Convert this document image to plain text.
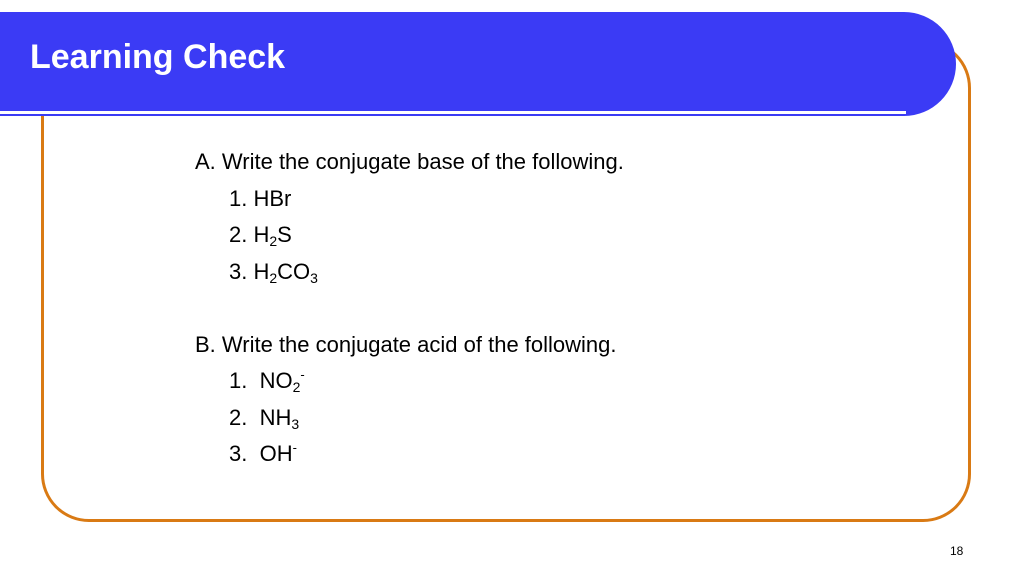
Learning Check
A. Write the conjugate base of the following.
1. HBr
2. $H_2S$
3. $H_2CO_3$
B. Write the conjugate acid of the following.
1.  $NO_2^-$
2.  $NH_3$
3.  OH-
18
